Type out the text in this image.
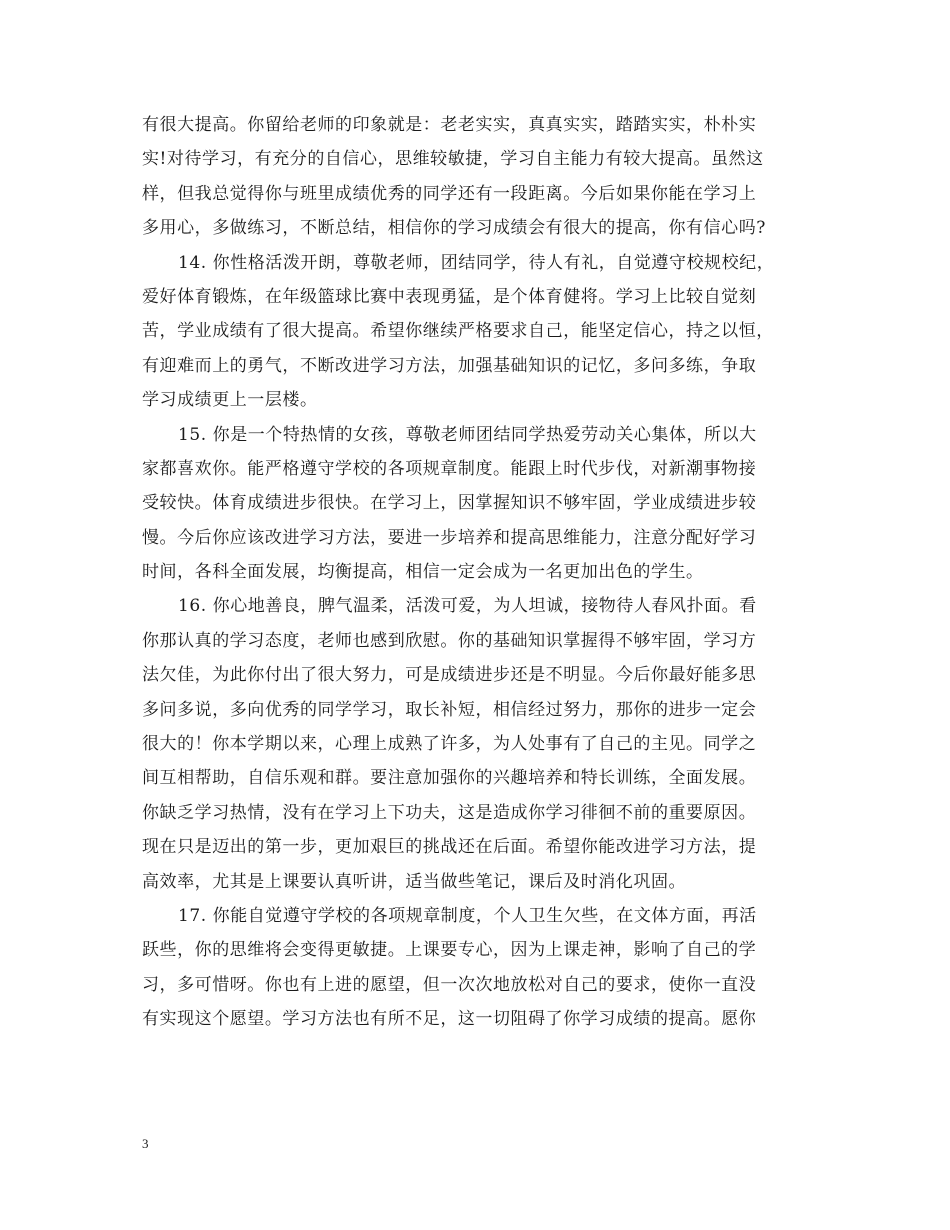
有很大提高。你留给老师的印象就是：老老实实，真真实实，踏踏实实，朴朴实
实!对待学习，有充分的自信心，思维较敏捷，学习自主能力有较大提高。虽然这
样，但我总觉得你与班里成绩优秀的同学还有一段距离。今后如果你能在学习上
多用心，多做练习，不断总结，相信你的学习成绩会有很大的提高，你有信心吗?
14. 你性格活泼开朗，尊敬老师，团结同学，待人有礼，自觉遵守校规校纪，
爱好体育锻炼，在年级篮球比赛中表现勇猛，是个体育健将。学习上比较自觉刻
苦，学业成绩有了很大提高。希望你继续严格要求自己，能坚定信心，持之以恒，
有迎难而上的勇气，不断改进学习方法，加强基础知识的记忆，多问多练，争取
学习成绩更上一层楼。
15. 你是一个特热情的女孩，尊敬老师团结同学热爱劳动关心集体，所以大
家都喜欢你。能严格遵守学校的各项规章制度。能跟上时代步伐，对新潮事物接
受较快。体育成绩进步很快。在学习上，因掌握知识不够牢固，学业成绩进步较
慢。今后你应该改进学习方法，要进一步培养和提高思维能力，注意分配好学习
时间，各科全面发展，均衡提高，相信一定会成为一名更加出色的学生。
16. 你心地善良，脾气温柔，活泼可爱，为人坦诚，接物待人春风扑面。看
你那认真的学习态度，老师也感到欣慰。你的基础知识掌握得不够牢固，学习方
法欠佳，为此你付出了很大努力，可是成绩进步还是不明显。今后你最好能多思
多问多说，多向优秀的同学学习，取长补短，相信经过努力，那你的进步一定会
很大的！你本学期以来，心理上成熟了许多，为人处事有了自己的主见。同学之
间互相帮助，自信乐观和群。要注意加强你的兴趣培养和特长训练，全面发展。
你缺乏学习热情，没有在学习上下功夫，这是造成你学习徘徊不前的重要原因。
现在只是迈出的第一步，更加艰巨的挑战还在后面。希望你能改进学习方法，提
高效率，尤其是上课要认真听讲，适当做些笔记，课后及时消化巩固。
17. 你能自觉遵守学校的各项规章制度，个人卫生欠些，在文体方面，再活
跃些，你的思维将会变得更敏捷。上课要专心，因为上课走神，影响了自己的学
习，多可惜呀。你也有上进的愿望，但一次次地放松对自己的要求，使你一直没
有实现这个愿望。学习方法也有所不足，这一切阻碍了你学习成绩的提高。愿你
3
